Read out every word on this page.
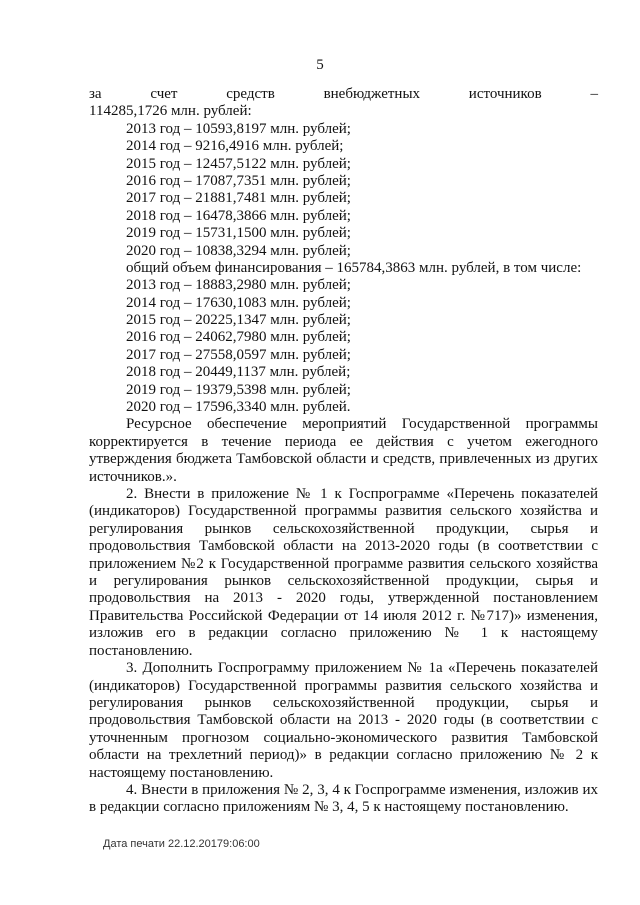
5
за	счет	средств	внебюджетных	источников	–
114285,1726 млн. рублей:
2013 год – 10593,8197 млн. рублей;
2014 год – 9216,4916 млн. рублей;
2015 год – 12457,5122 млн. рублей;
2016 год – 17087,7351 млн. рублей;
2017 год – 21881,7481 млн. рублей;
2018 год – 16478,3866 млн. рублей;
2019 год – 15731,1500 млн. рублей;
2020 год – 10838,3294 млн. рублей;
общий объем финансирования – 165784,3863 млн. рублей, в том числе:
2013 год – 18883,2980 млн. рублей;
2014 год – 17630,1083 млн. рублей;
2015 год – 20225,1347 млн. рублей;
2016 год – 24062,7980 млн. рублей;
2017 год – 27558,0597 млн. рублей;
2018 год – 20449,1137 млн. рублей;
2019 год – 19379,5398 млн. рублей;
2020 год – 17596,3340 млн. рублей.

Ресурсное обеспечение мероприятий Государственной программы корректируется в течение периода ее действия с учетом ежегодного утверждения бюджета Тамбовской области и средств, привлеченных из других источников.».

2. Внести в приложение № 1 к Госпрограмме «Перечень показателей (индикаторов) Государственной программы развития сельского хозяйства и регулирования рынков сельскохозяйственной продукции, сырья и продовольствия Тамбовской области на 2013-2020 годы (в соответствии с приложением №2 к Государственной программе развития сельского хозяйства и регулирования рынков сельскохозяйственной продукции, сырья и продовольствия на 2013 - 2020 годы, утвержденной постановлением Правительства Российской Федерации от 14 июля 2012 г. №717)» изменения, изложив его в редакции согласно приложению № 1 к настоящему постановлению.

3. Дополнить Госпрограмму приложением № 1а «Перечень показателей (индикаторов) Государственной программы развития сельского хозяйства и регулирования рынков сельскохозяйственной продукции, сырья и продовольствия Тамбовской области на 2013 - 2020 годы (в соответствии с уточненным прогнозом социально-экономического развития Тамбовской области на трехлетний период)» в редакции согласно приложению № 2 к настоящему постановлению.

4. Внести в приложения № 2, 3, 4 к Госпрограмме изменения, изложив их в редакции согласно приложениям № 3, 4, 5 к настоящему постановлению.

Дата печати 22.12.20179:06:00
